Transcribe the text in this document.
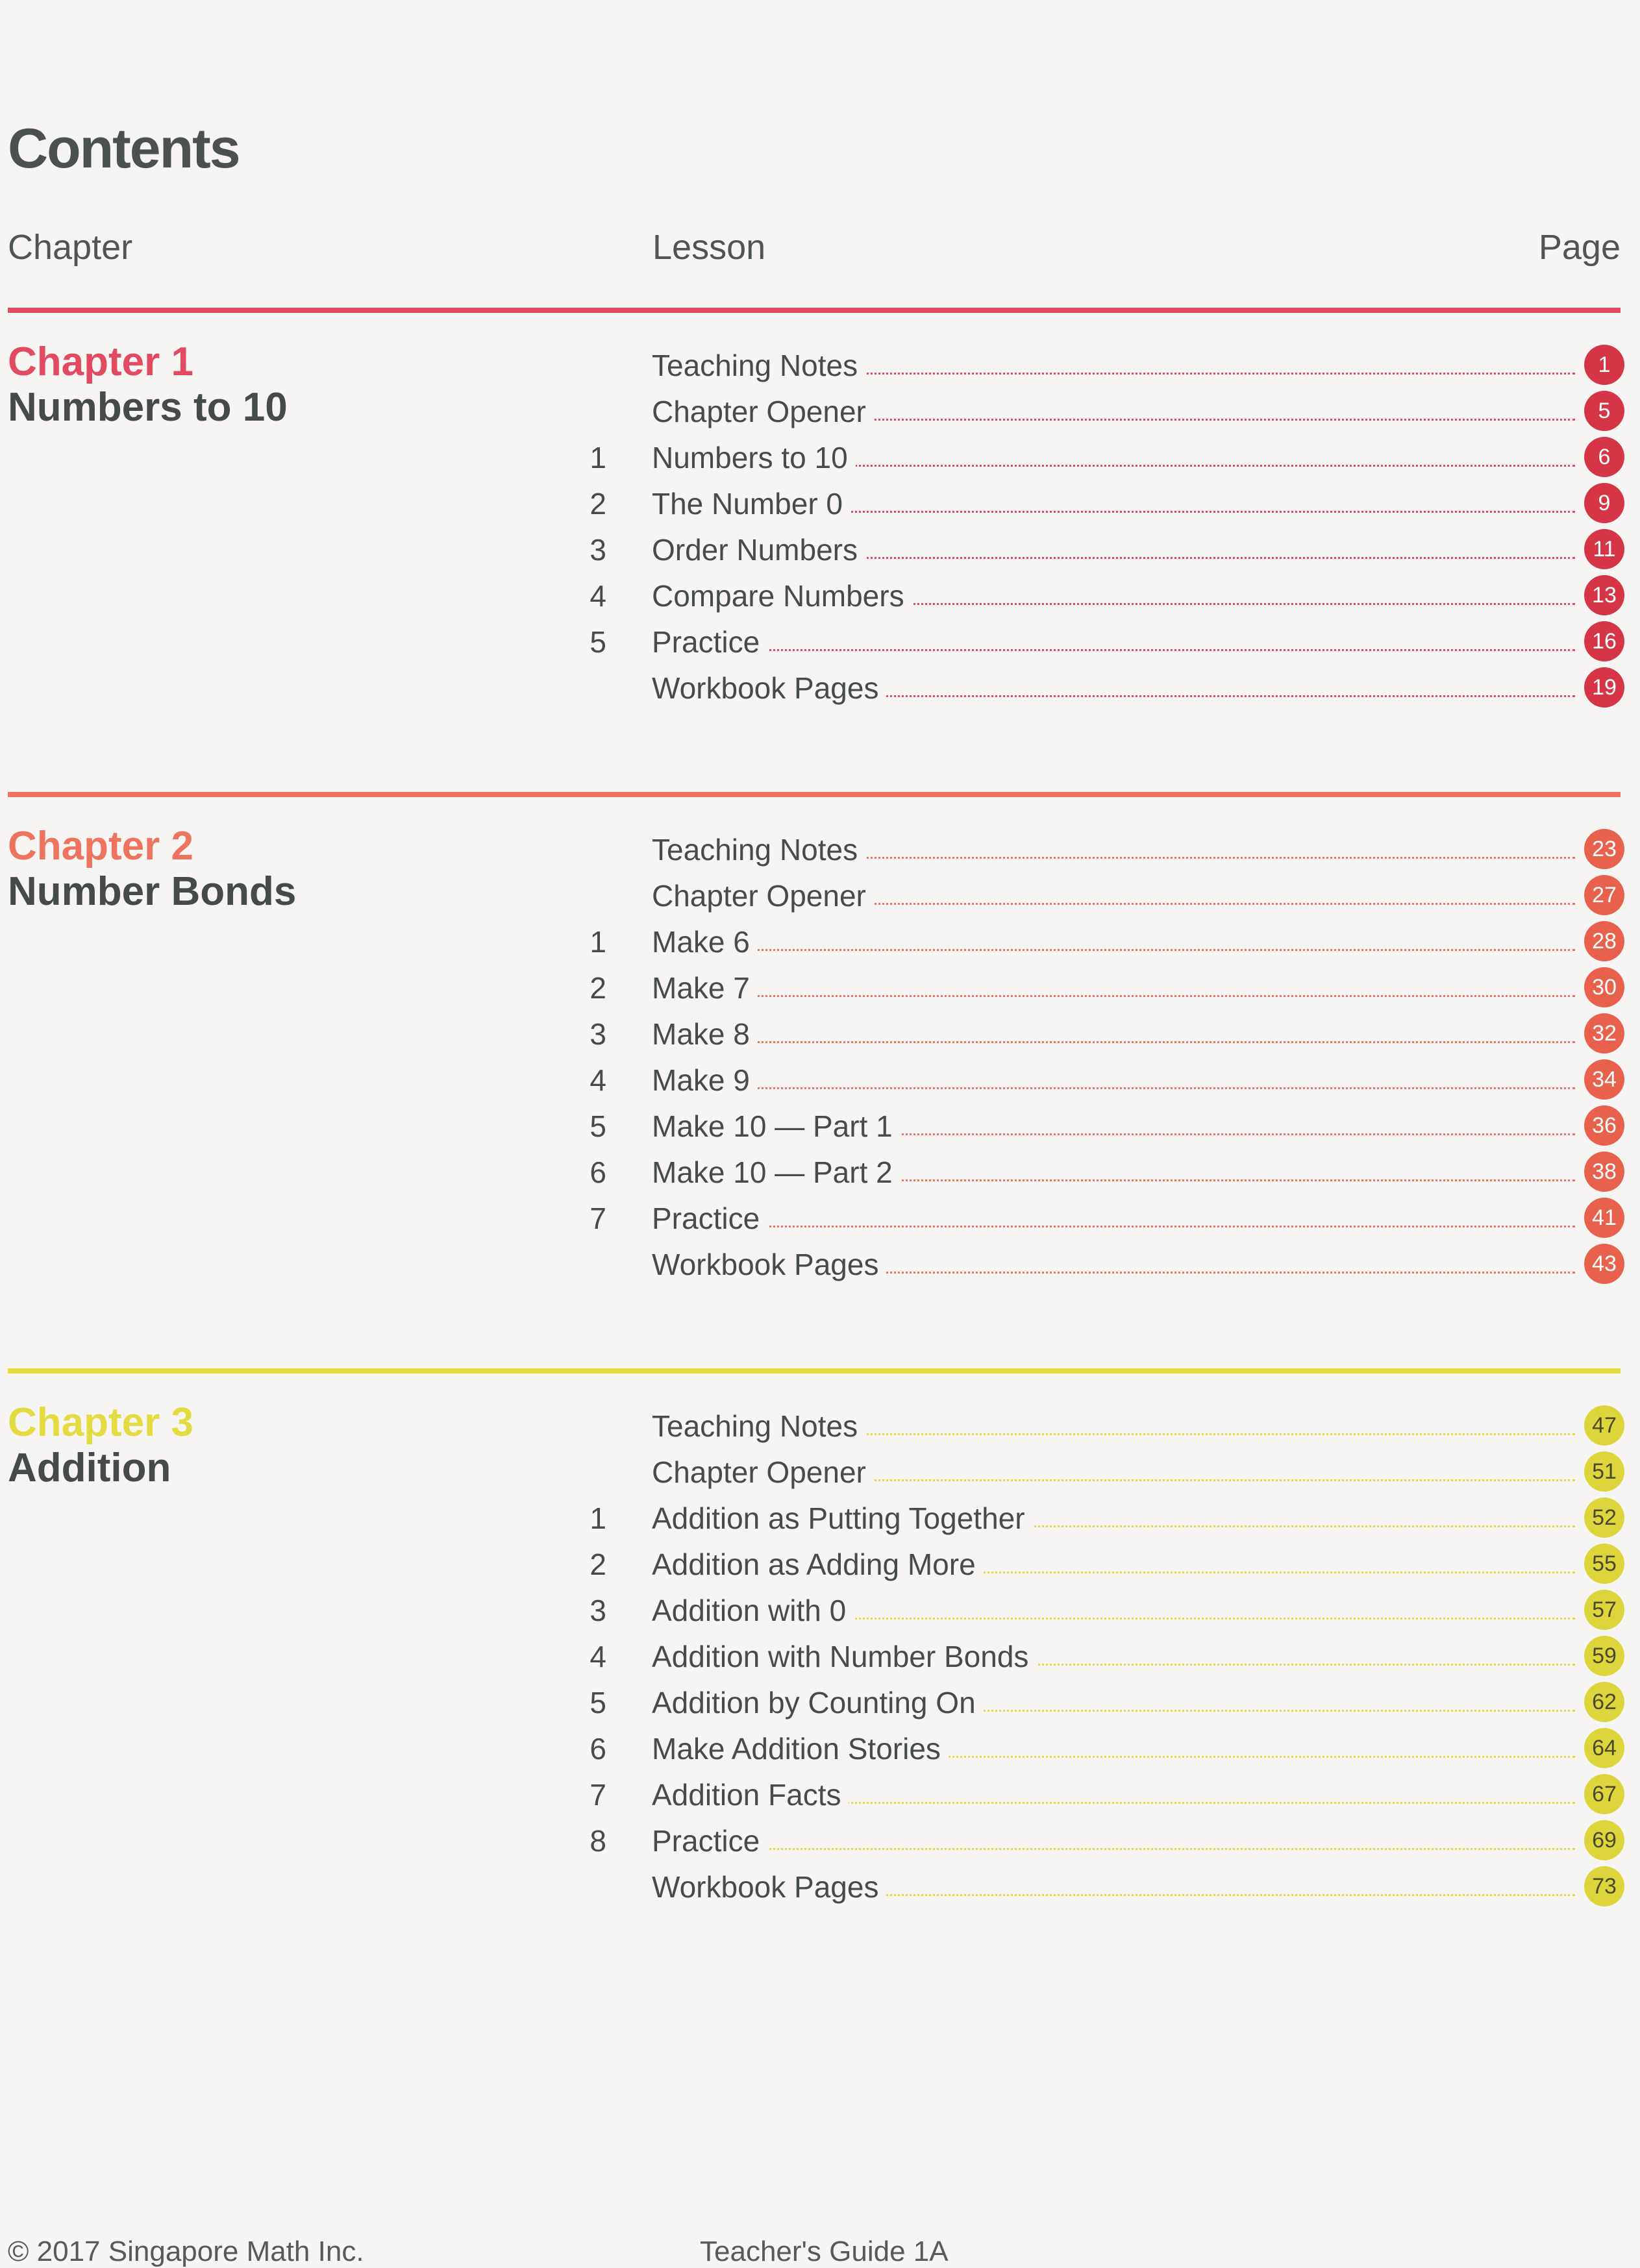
Contents
Chapter	Lesson	Page
Chapter 1
Numbers to 10
Teaching Notes	1
Chapter Opener	5
1 Numbers to 10	6
2 The Number 0	9
3 Order Numbers	11
4 Compare Numbers	13
5 Practice	16
Workbook Pages	19
Chapter 2
Number Bonds
Teaching Notes	23
Chapter Opener	27
1 Make 6	28
2 Make 7	30
3 Make 8	32
4 Make 9	34
5 Make 10 — Part 1	36
6 Make 10 — Part 2	38
7 Practice	41
Workbook Pages	43
Chapter 3
Addition
Teaching Notes	47
Chapter Opener	51
1 Addition as Putting Together	52
2 Addition as Adding More	55
3 Addition with 0	57
4 Addition with Number Bonds	59
5 Addition by Counting On	62
6 Make Addition Stories	64
7 Addition Facts	67
8 Practice	69
Workbook Pages	73
© 2017 Singapore Math Inc.	Teacher's Guide 1A
